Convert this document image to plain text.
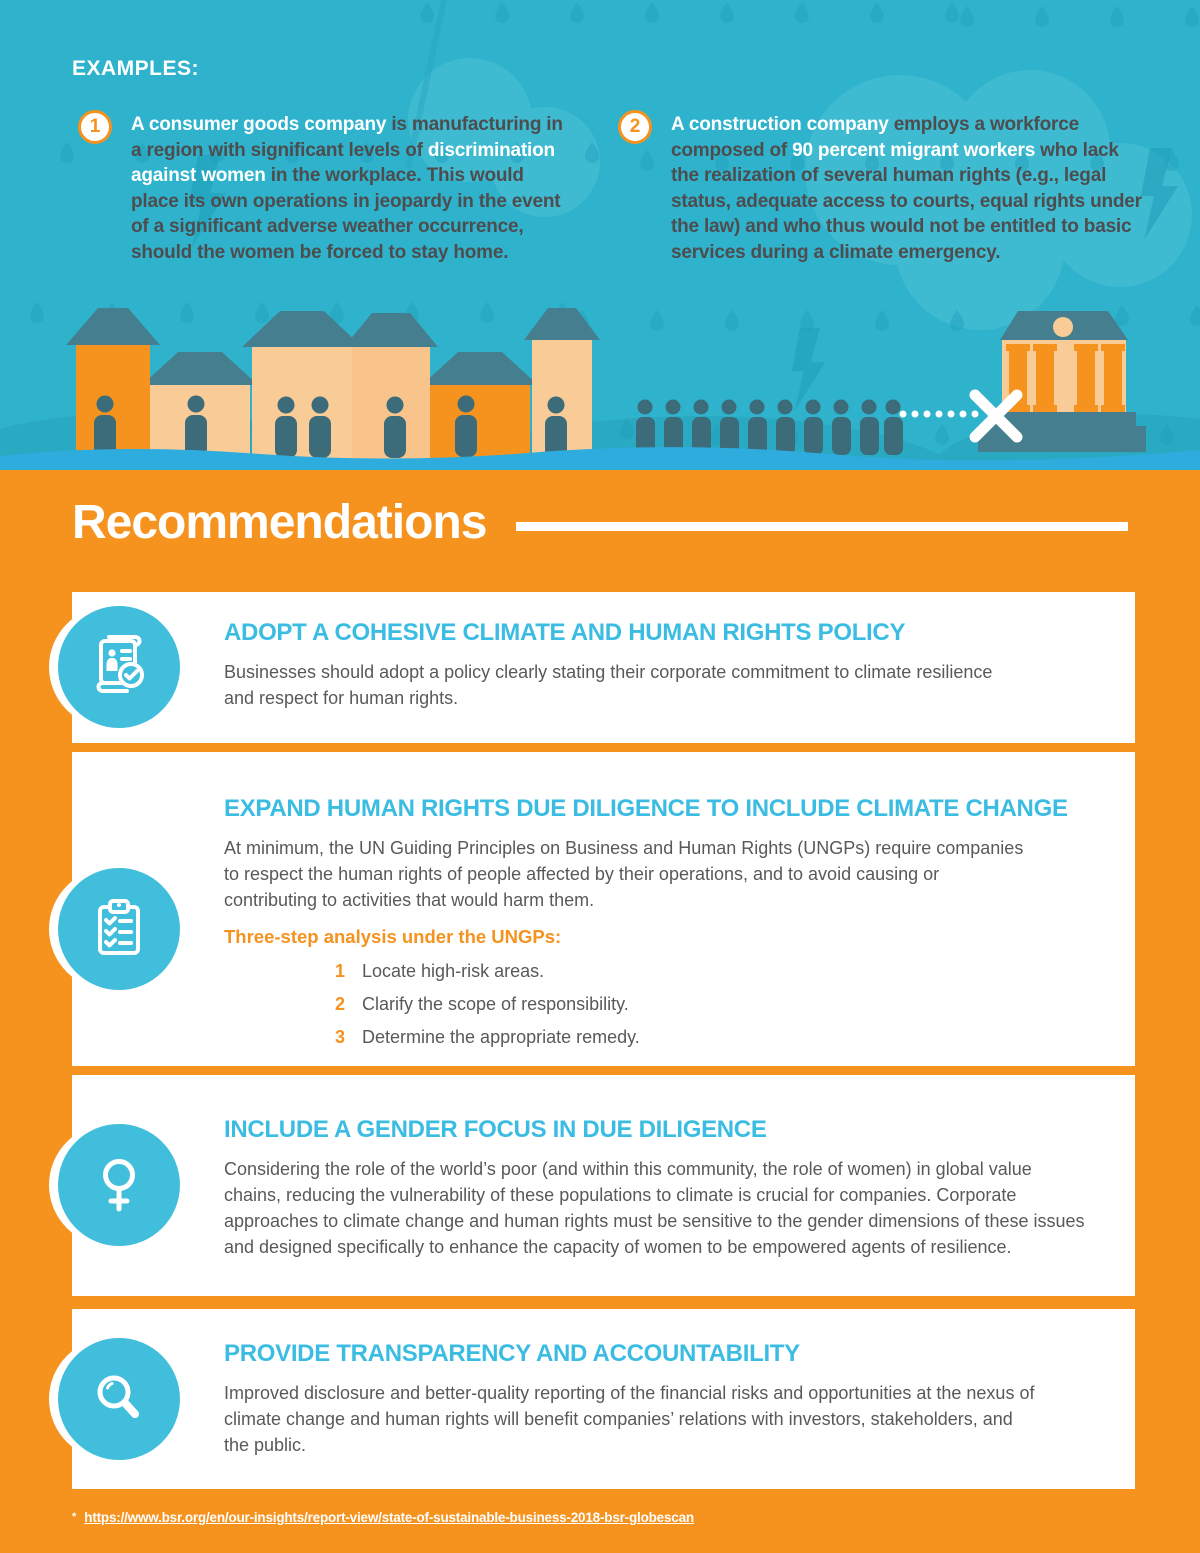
EXAMPLES:
1	A consumer goods company is manufacturing in a region with significant levels of discrimination against women in the workplace. This would place its own operations in jeopardy in the event of a significant adverse weather occurrence, should the women be forced to stay home.

2	A construction company employs a workforce composed of 90 percent migrant workers who lack the realization of several human rights (e.g., legal status, adequate access to courts, equal rights under the law) and who thus would not be entitled to basic services during a climate emergency.

Recommendations
ADOPT A COHESIVE CLIMATE AND HUMAN RIGHTS POLICY

Businesses should adopt a policy clearly stating their corporate commitment to climate resilience and respect for human rights.

EXPAND HUMAN RIGHTS DUE DILIGENCE TO INCLUDE CLIMATE CHANGE

At minimum, the UN Guiding Principles on Business and Human Rights (UNGPs) require companies to respect the human rights of people affected by their operations, and to avoid causing or contributing to activities that would harm them.

Three-step analysis under the UNGPs:

1 Locate high-risk areas.
2 Clarify the scope of responsibility.
3 Determine the appropriate remedy.
INCLUDE A GENDER FOCUS IN DUE DILIGENCE

Considering the role of the world’s poor (and within this community, the role of women) in global value chains, reducing the vulnerability of these populations to climate is crucial for companies. Corporate approaches to climate change and human rights must be sensitive to the gender dimensions of these issues and designed specifically to enhance the capacity of women to be empowered agents of resilience.

PROVIDE TRANSPARENCY AND ACCOUNTABILITY

Improved disclosure and better-quality reporting of the financial risks and opportunities at the nexus of climate change and human rights will benefit companies’ relations with investors, stakeholders, and the public.

* https://www.bsr.org/en/our-insights/report-view/state-of-sustainable-business-2018-bsr-globescan
